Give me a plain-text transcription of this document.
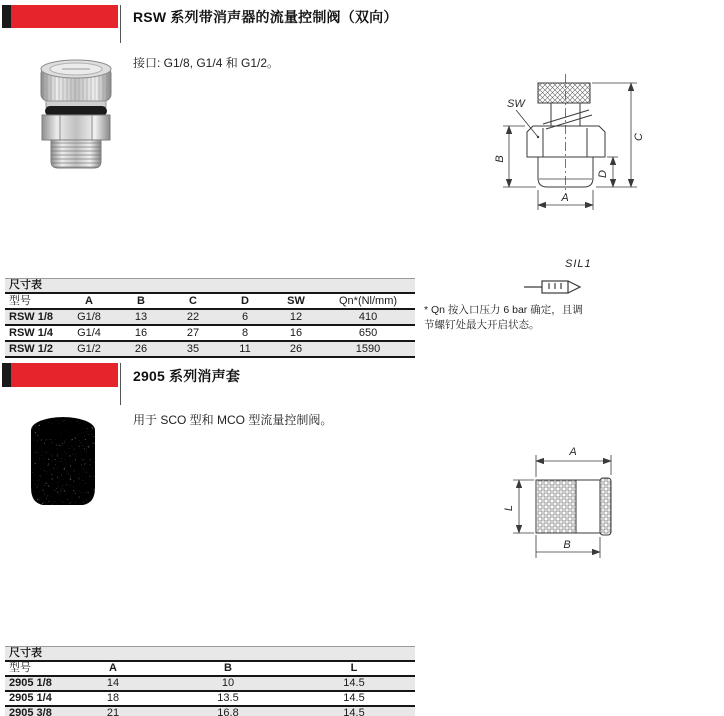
RSW 系列带消声器的流量控制阀（双向）
接口: G1/8, G1/4 和 G1/2。
SW
B
C
D
A
SIL1
* Qn 按入口压力 6 bar 确定，且调
节螺钉处最大开启状态。
尺寸表						
型号	A	B	C	D	SW	Qn*(Nl/mm)
RSW 1/8	G1/8	13	22	6	12	410
RSW 1/4	G1/4	16	27	8	16	650
RSW 1/2	G1/2	26	35	11	26	1590
2905 系列消声套
用于 SCO 型和 MCO 型流量控制阀。
A
L
B
尺寸表			
型号	A	B	L
2905 1/8	14	10	14.5
2905 1/4	18	13.5	14.5
2905 3/8	21	16.8	14.5
